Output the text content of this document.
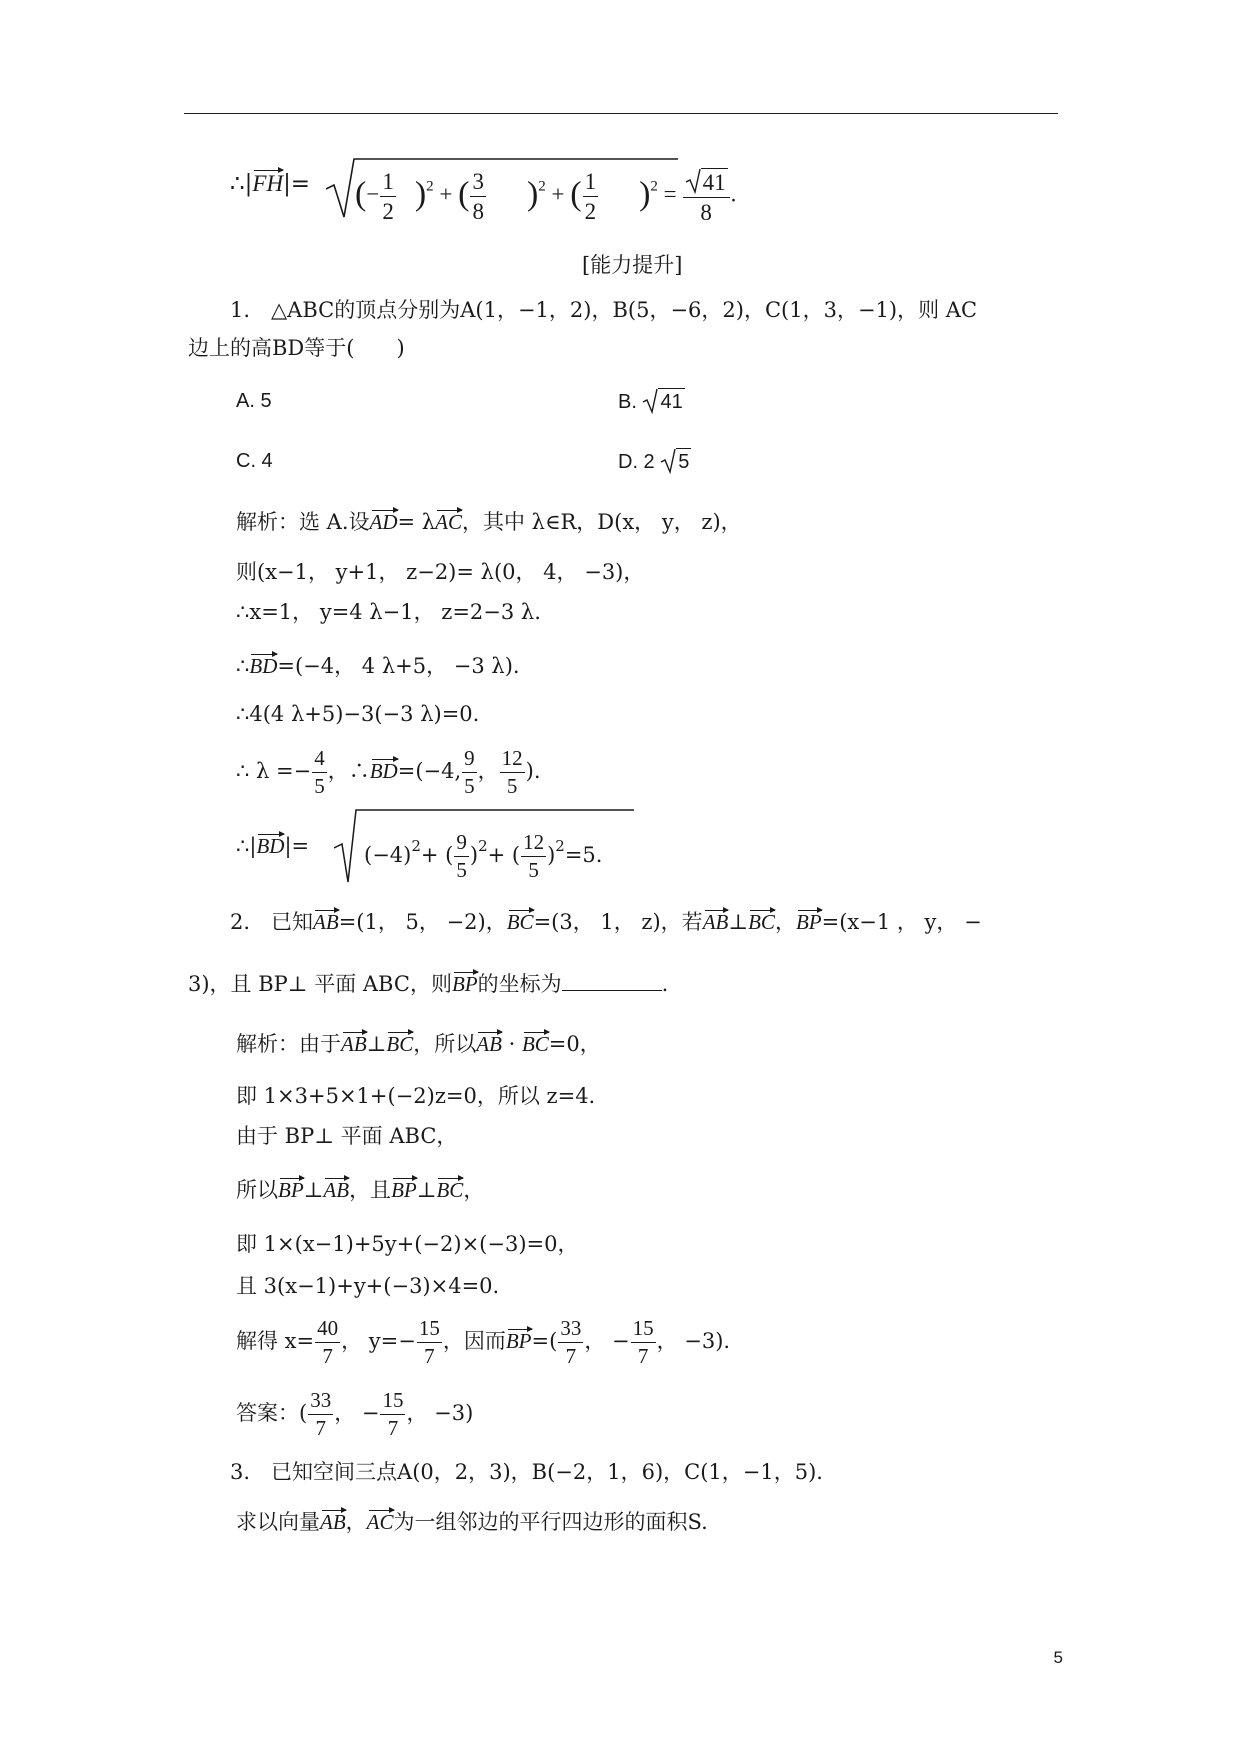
∴|FH|= (− $\frac{1}{2} )^2$ + ( $\frac{3}{8} )^2$ + ( $\frac{1}{2} )^2 = \frac{41}{8}$ .
[能力提升]
1.　△ABC的顶点分别为A(1，−1，2)，B(5，−6，2)，C(1，3，−1)，则 AC
边上的高BD等于(　　)
A. 5	B. 41
C. 4	D. 2 5
解析：选 A.设AD= λAC，其中 λ∈R，D(x， y， z)，
则(x−1， y+1， z−2)= λ(0， 4， −3)，
∴x=1， y=4 λ−1， z=2−3 λ.
∴BD=(−4， 4 λ+5， −3 λ).
∴4(4 λ+5)−3(−3 λ)=0.
∴ $\lambda =- \frac{4}{5}$ ，∴BD=(−4, $\frac{9}{5}$ ， $\frac{12}{5}$ ).
∴|BD|=	$(-4)^2+$ ( $\frac{9}{5} )^2+$ ( $\frac{12}{5} )^2=5$.
2.　已知AB=(1， 5， −2)，BC=(3， 1， z)，若AB⊥BC，BP=(x−1 ， y， −
3)，且 BP⊥ 平面 ABC，则BP的坐标为	.
解析：由于AB⊥BC，所以AB · BC=0，
即 1×3+5×1+(−2)z=0，所以 z=4.
由于 BP⊥ 平面 ABC，
所以BP⊥AB，且BP⊥BC，
即 1×(x−1)+5y+(−2)×(−3)=0，
且 3(x−1)+y+(−3)×4=0.
解得 $x= \frac{40}{7}$ ， $y=- \frac{15}{7}$ ，因而$BP=( \frac{33}{7}$ ， − $\frac{15}{7}$ ， −3).
答案：( $\frac{33}{7}$ ， − $\frac{15}{7}$ ， −3)
3.　已知空间三点A(0，2，3)，B(−2，1，6)，C(1，−1，5).
求以向量AB，AC为一组邻边的平行四边形的面积S.
5
